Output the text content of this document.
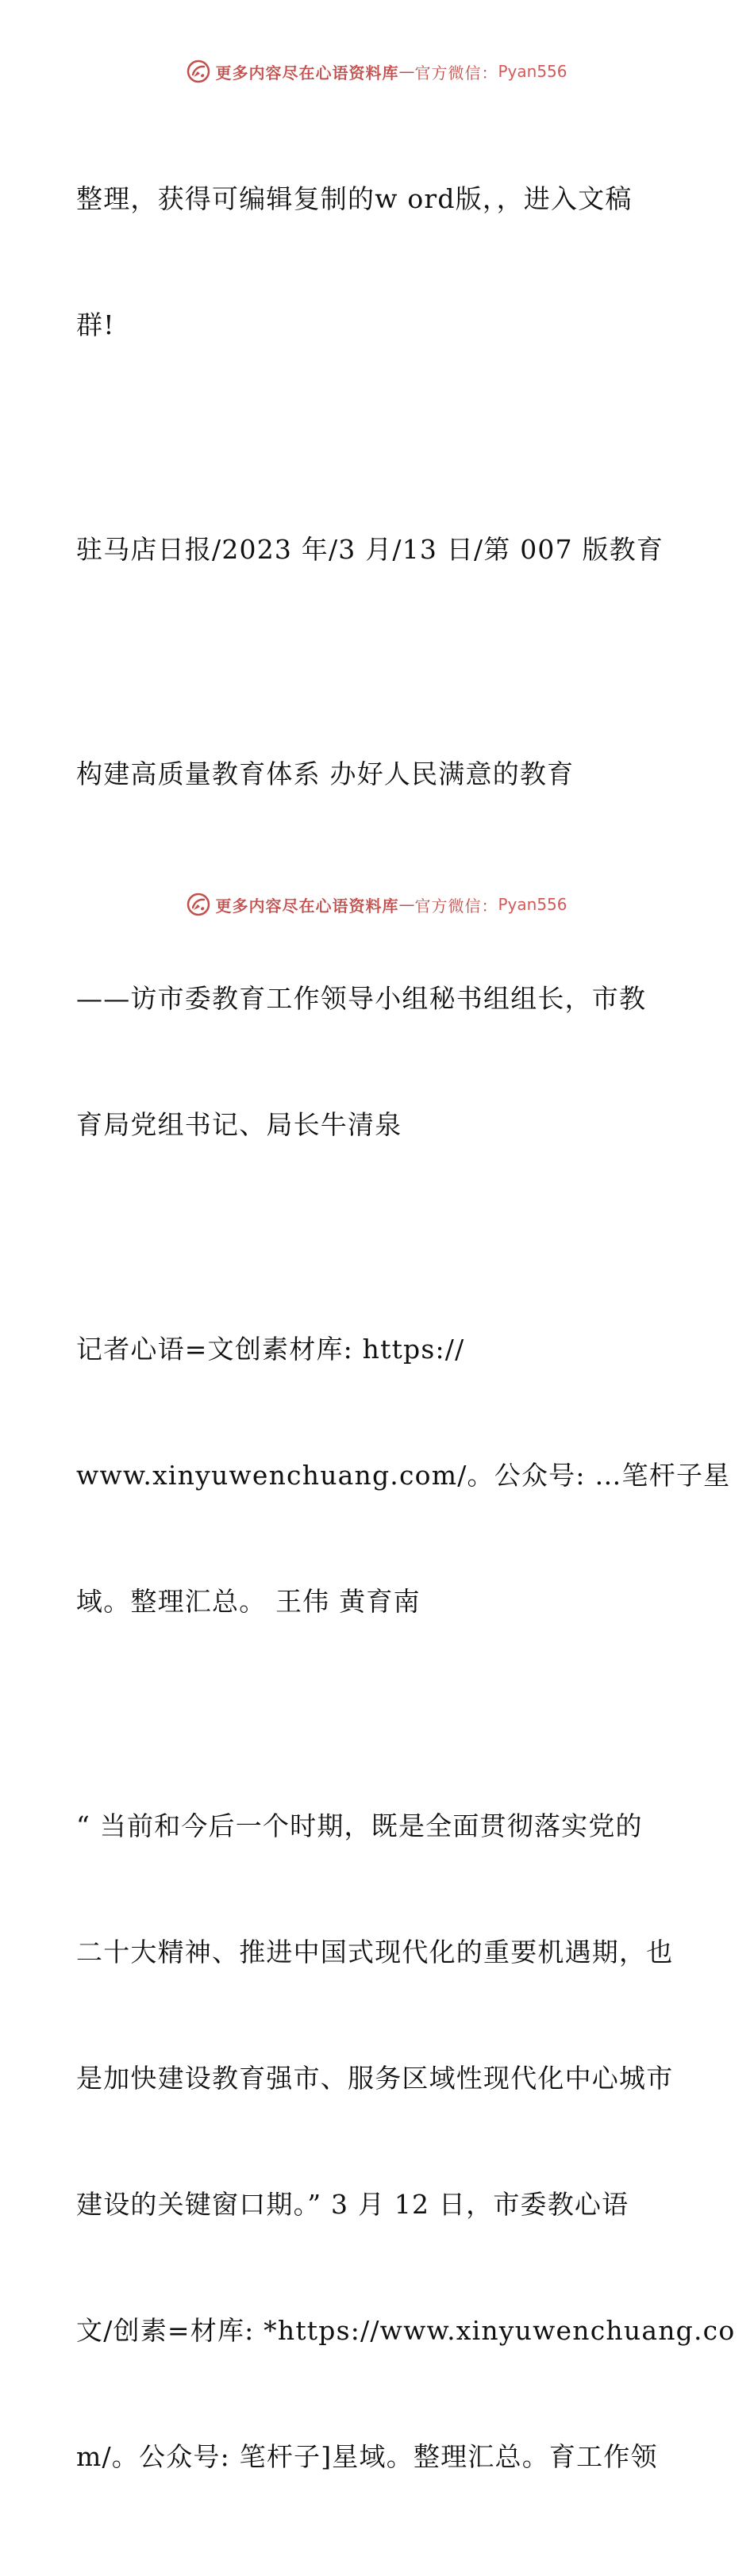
更多内容尽在心语资料库 — 官方微信： Pyan556

整理，获得可编辑复制的w ord版，，进入文稿

群!

驻马店日报/2023 年/3 月/13 日/第 007 版教育

构建高质量教育体系 办好人民满意的教育

——访市委教育工作领导小组秘书组组长，市教

育局党组书记、局长牛清泉

记者心语=文创素材库: https://

www.xinyuwenchuang.com/。公众号: …笔杆子星

域。整理汇总。 王伟 黄育南

“ 当前和今后一个时期，既是全面贯彻落实党的

二十大精神、推进中国式现代化的重要机遇期，也

是加快建设教育强市、服务区域性现代化中心城市

建设的关键窗口期。” 3 月 12 日，市委教心语

文/创素=材库: *https://www.xinyuwenchuang.co

m/。公众号: 笔杆子]星域。整理汇总。育工作领

更多内容尽在心语资料库 — 官方微信： Pyan556
